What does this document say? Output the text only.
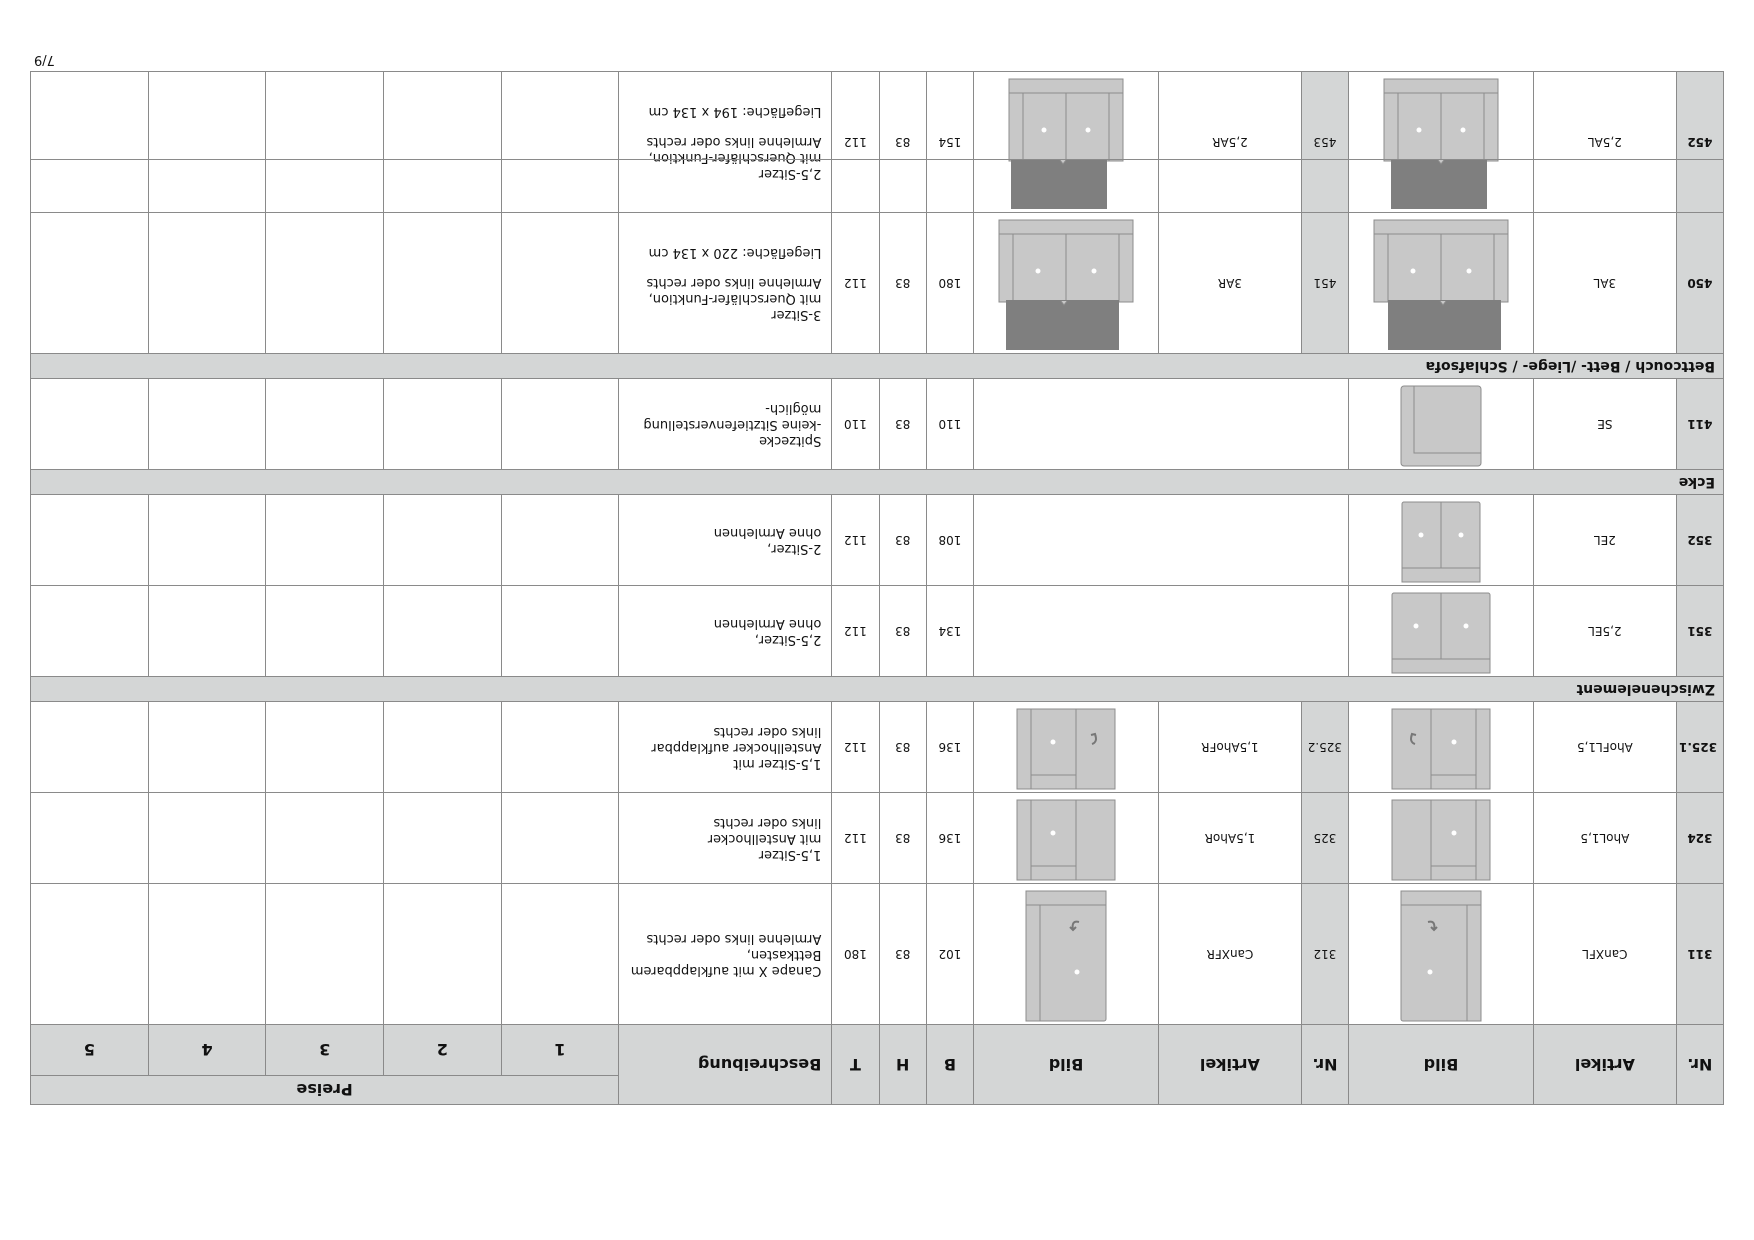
7/9
Nr.	Artikel	Bild	Nr.	Artikel	Bild	B	H	T	Beschreibung	Preise				
										1	2	3	4	5
311	CanXFL		312	CanXFR		102	83	180	Canape X mit aufklappbarem
Bettkasten,
Armlehne links oder rechts					

324	AhoL1,5		325	1,5AhoR		136	83	112	1,5-Sitzer
mit Anstellhocker
links oder rechts					

325.1	AhoFL1,5		325.2	1,5AhoFR		136	83	112	1,5-Sitzer mit
Anstellhocker aufklappbar
links oder rechts					

Zwischenelement														
351	2,5EL					134	83	112	2,5-Sitzer,
ohne Armlehnen					

352	2EL					108	83	112	2-Sitzer,
ohne Armlehnen					

Ecke														
411	SE					110	83	110	Spitzecke
-keine Sitztiefenverstellung
möglich-					

Bettcouch / Bett- /Liege- / Schlafsofa														
450	3AL		451	3AR		180	83	112	3-Sitzer
mit Querschläfer-Funktion,
Armlehne links oder rechts
Liegefläche: 220 x 134 cm					

452	2,5AL		453	2,5AR		154	83	112	2,5-Sitzer
mit Querschläfer-Funktion,
Armlehne links oder rechts
Liegefläche: 194 x 134 cm					
